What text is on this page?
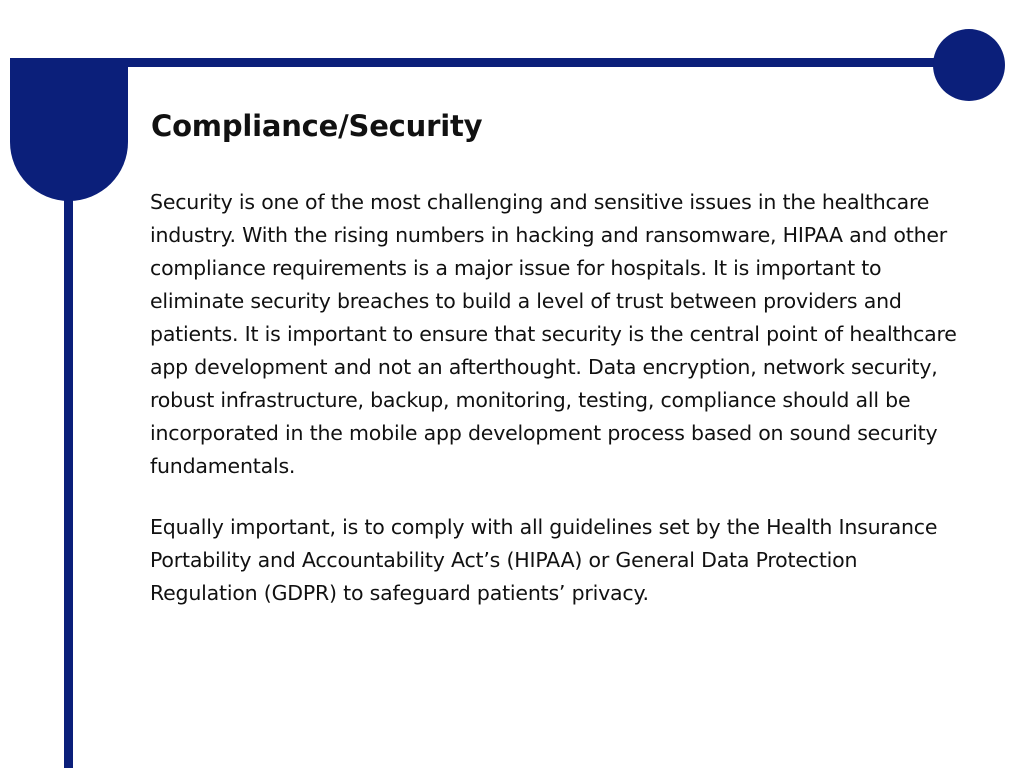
Compliance/Security

Security is one of the most challenging and sensitive issues in the healthcare industry. With the rising numbers in hacking and ransomware, HIPAA and other compliance requirements is a major issue for hospitals. It is important to eliminate security breaches to build a level of trust between providers and patients. It is important to ensure that security is the central point of healthcare app development and not an afterthought. Data encryption, network security, robust infrastructure, backup, monitoring, testing, compliance should all be incorporated in the mobile app development process based on sound security fundamentals.

Equally important, is to comply with all guidelines set by the Health Insurance Portability and Accountability Act’s (HIPAA) or General Data Protection Regulation (GDPR) to safeguard patients’ privacy.
